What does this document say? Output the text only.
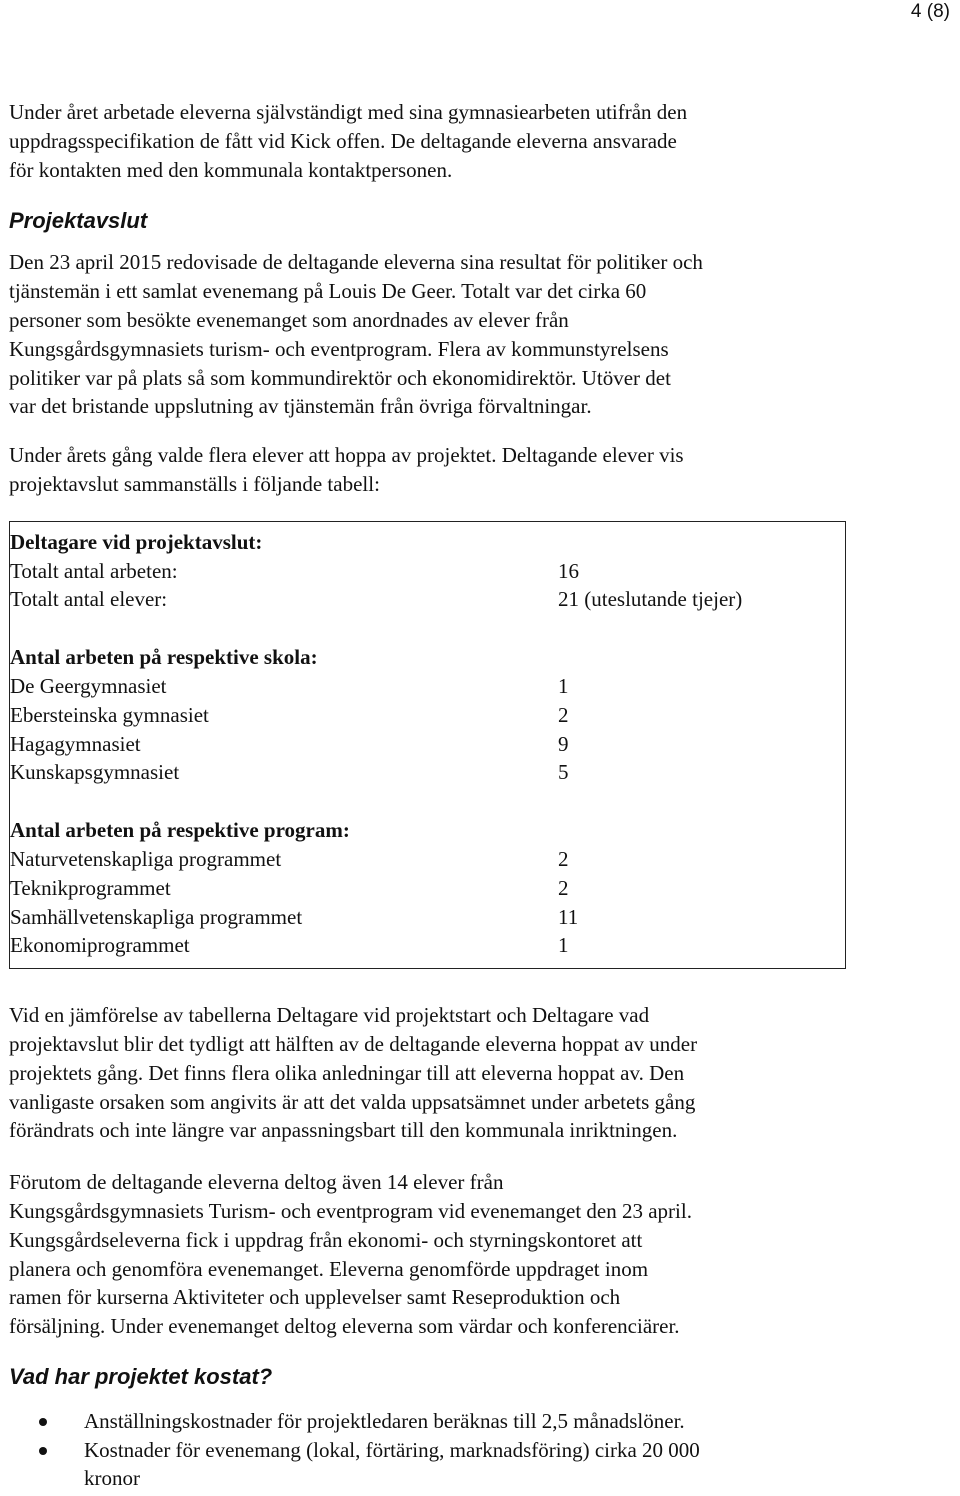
4 (8)

Under året arbetade eleverna självständigt med sina gymnasiearbeten utifrån den
uppdragsspecifikation de fått vid Kick offen. De deltagande eleverna ansvarade
för kontakten med den kommunala kontaktpersonen.

Projektavslut

Den 23 april 2015 redovisade de deltagande eleverna sina resultat för politiker och
tjänstemän i ett samlat evenemang på Louis De Geer. Totalt var det cirka 60
personer som besökte evenemanget som anordnades av elever från
Kungsgårdsgymnasiets turism- och eventprogram. Flera av kommunstyrelsens
politiker var på plats så som kommundirektör och ekonomidirektör. Utöver det
var det bristande uppslutning av tjänstemän från övriga förvaltningar.

Under årets gång valde flera elever att hoppa av projektet. Deltagande elever vis
projektavslut sammanställs i följande tabell:

Deltagare vid projektavslut:
Totalt antal arbeten:	16
Totalt antal elever:	21 (uteslutande tjejer)
Antal arbeten på respektive skola:
De Geergymnasiet	1
Ebersteinska gymnasiet	2
Hagagymnasiet	9
Kunskapsgymnasiet	5
Antal arbeten på respektive program:
Naturvetenskapliga programmet	2
Teknikprogrammet	2
Samhällvetenskapliga programmet	11
Ekonomiprogrammet	1

Vid en jämförelse av tabellerna Deltagare vid projektstart och Deltagare vad
projektavslut blir det tydligt att hälften av de deltagande eleverna hoppat av under
projektets gång. Det finns flera olika anledningar till att eleverna hoppat av. Den
vanligaste orsaken som angivits är att det valda uppsatsämnet under arbetets gång
förändrats och inte längre var anpassningsbart till den kommunala inriktningen.

Förutom de deltagande eleverna deltog även 14 elever från
Kungsgårdsgymnasiets Turism- och eventprogram vid evenemanget den 23 april.
Kungsgårdseleverna fick i uppdrag från ekonomi- och styrningskontoret att
planera och genomföra evenemanget. Eleverna genomförde uppdraget inom
ramen för kurserna Aktiviteter och upplevelser samt Reseproduktion och
försäljning. Under evenemanget deltog eleverna som värdar och konferenciärer.

Vad har projektet kostat?
Anställningskostnader för projektledaren beräknas till 2,5 månadslöner.
Kostnader för evenemang (lokal, förtäring, marknadsföring) cirka 20 000
kronor
